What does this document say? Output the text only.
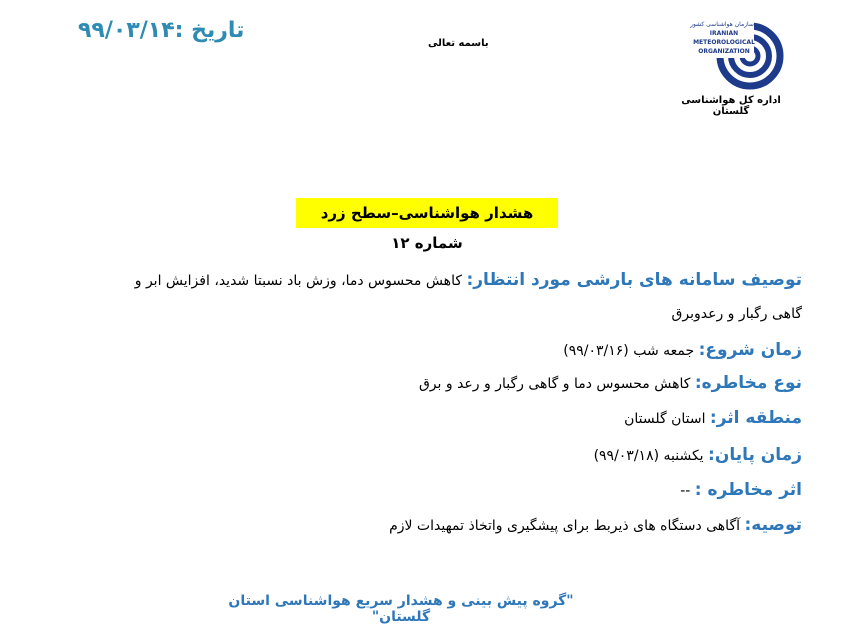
تاریخ :۹۹/۰۳/۱۴
باسمه تعالی
سازمان هواشناسی کشور
IRANIAN
METEOROLOGICAL
ORGANIZATION
اداره کل هواشناسی گلستان
هشدار هواشناسی–سطح زرد شماره ۱۲
توصیف سامانه های بارشی مورد انتظار: کاهش محسوس دما، وزش باد نسبتا شدید، افزایش ابر و
گاهی رگبار و رعدوبرق
زمان شروع: جمعه شب (۹۹/۰۳/۱۶)
نوع مخاطره: کاهش محسوس دما و گاهی رگبار و رعد و برق
منطقه اثر: استان گلستان
زمان پایان: یکشنبه (۹۹/۰۳/۱۸)
اثر مخاطره : --
توصیه: آگاهی دستگاه های ذیربط برای پیشگیری واتخاذ تمهیدات لازم
"گروه پیش بینی و هشدار سریع هواشناسی استان گلستان"
